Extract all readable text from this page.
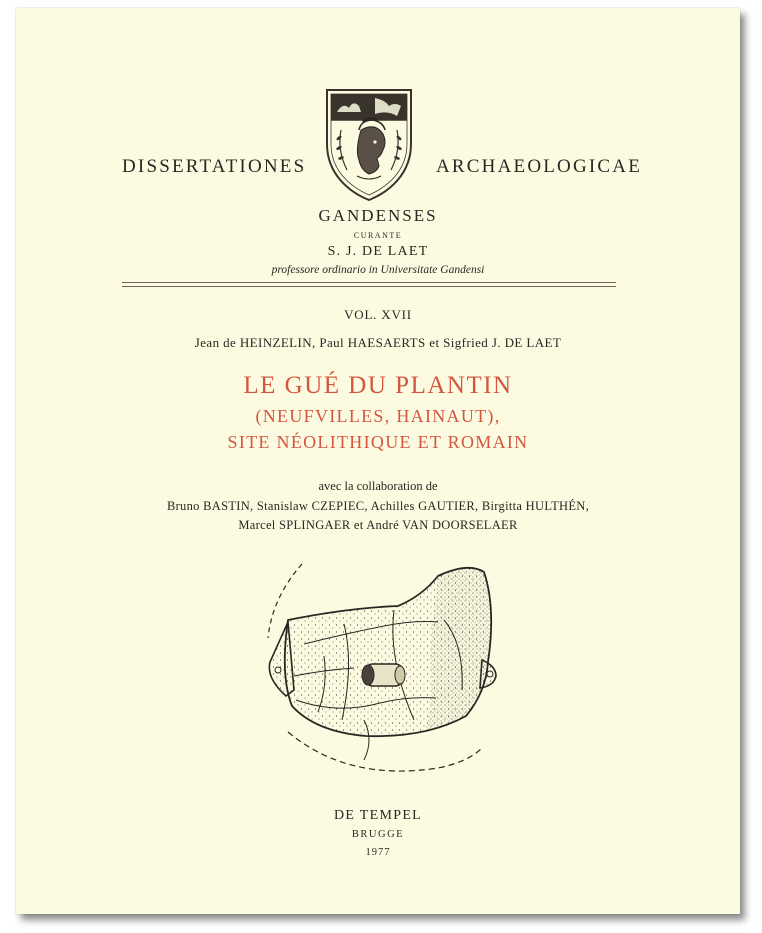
DISSERTATIONES	ARCHAEOLOGICAE
GANDENSES
CURANTE
S. J. DE LAET
professore ordinario in Universitate Gandensi
VOL. XVII
Jean de HEINZELIN, Paul HAESAERTS et Sigfried J. DE LAET
LE GUÉ DU PLANTIN
(NEUFVILLES, HAINAUT),
SITE NÉOLITHIQUE ET ROMAIN
avec la collaboration de
Bruno BASTIN, Stanislaw CZEPIEC, Achilles GAUTIER, Birgitta HULTHÉN,
Marcel SPLINGAER et André VAN DOORSELAER
DE TEMPEL
BRUGGE
1977
